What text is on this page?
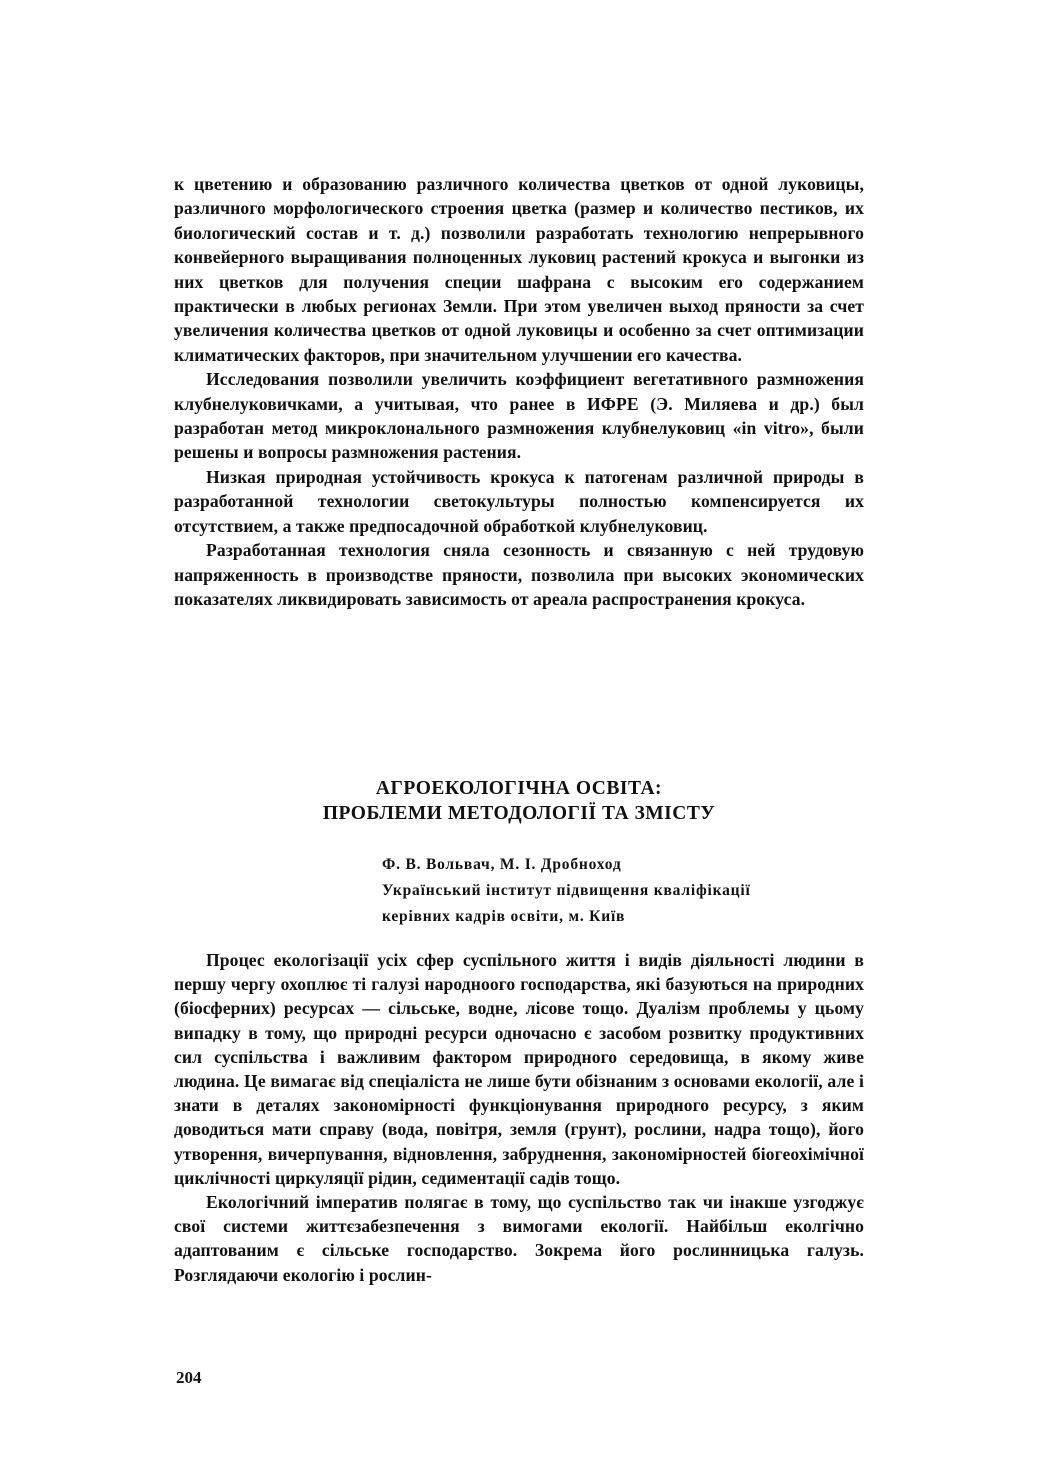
к цветению и образованию различного количества цветков от одной луковицы, различного морфологического строения цветка (размер и количество пестиков, их биологический состав и т. д.) позволили разработать технологию непрерывного конвейерного выращивания полноценных луковиц растений крокуса и выгонки из них цветков для получения специи шафрана с высоким его содержанием практически в любых регионах Земли. При этом увеличен выход пряности за счет увеличения количества цветков от одной луковицы и особенно за счет оптимизации климатических факторов, при значительном улучшении его качества.

Исследования позволили увеличить коэффициент вегетативного размножения клубнелуковичками, а учитывая, что ранее в ИФРЕ (Э. Миляева и др.) был разработан метод микроклонального размножения клубнелуковиц «in vitro», были решены и вопросы размножения растения.

Низкая природная устойчивость крокуса к патогенам различной природы в разработанной технологии светокультуры полностью компенсируется их отсутствием, а также предпосадочной обработкой клубнелуковиц.

Разработанная технология сняла сезонность и связанную с ней трудовую напряженность в производстве пряности, позволила при высоких экономических показателях ликвидировать зависимость от ареала распространения крокуса.

АГРОЕКОЛОГІЧНА ОСВІТА:
ПРОБЛЕМИ МЕТОДОЛОГІЇ ТА ЗМІСТУ
Ф. В. Вольвач, М. І. Дробноход
Український інститут підвищення кваліфікації
керівних кадрів освіти, м. Київ

Процес екологізації усіх сфер суспільного життя і видів діяльності людини в першу чергу охоплює ті галузі народноого господарства, які базуються на природних (біосферних) ресурсах — сільське, водне, лісове тощо. Дуалізм проблемы у цьому випадку в тому, що природні ресурси одночасно є засобом розвитку продуктивних сил суспільства і важливим фактором природного середовища, в якому живе людина. Це вимагає від спеціаліста не лише бути обізнаним з основами екології, але і знати в деталях закономірності функціонування природного ресурсу, з яким доводиться мати справу (вода, повітря, земля (грунт), рослини, надра тощо), його утворення, вичерпування, відновлення, забруднення, закономірностей біогеохімічної циклічності циркуляції рідин, седиментації садів тощо.

Екологічний імператив полягає в тому, що суспільство так чи інакше узгоджує свої системи життєзабезпечення з вимогами екології. Найбільш еколгічно адаптованим є сільське господарство. Зокрема його рослинницька галузь. Розглядаючи екологію і рослин-

204
